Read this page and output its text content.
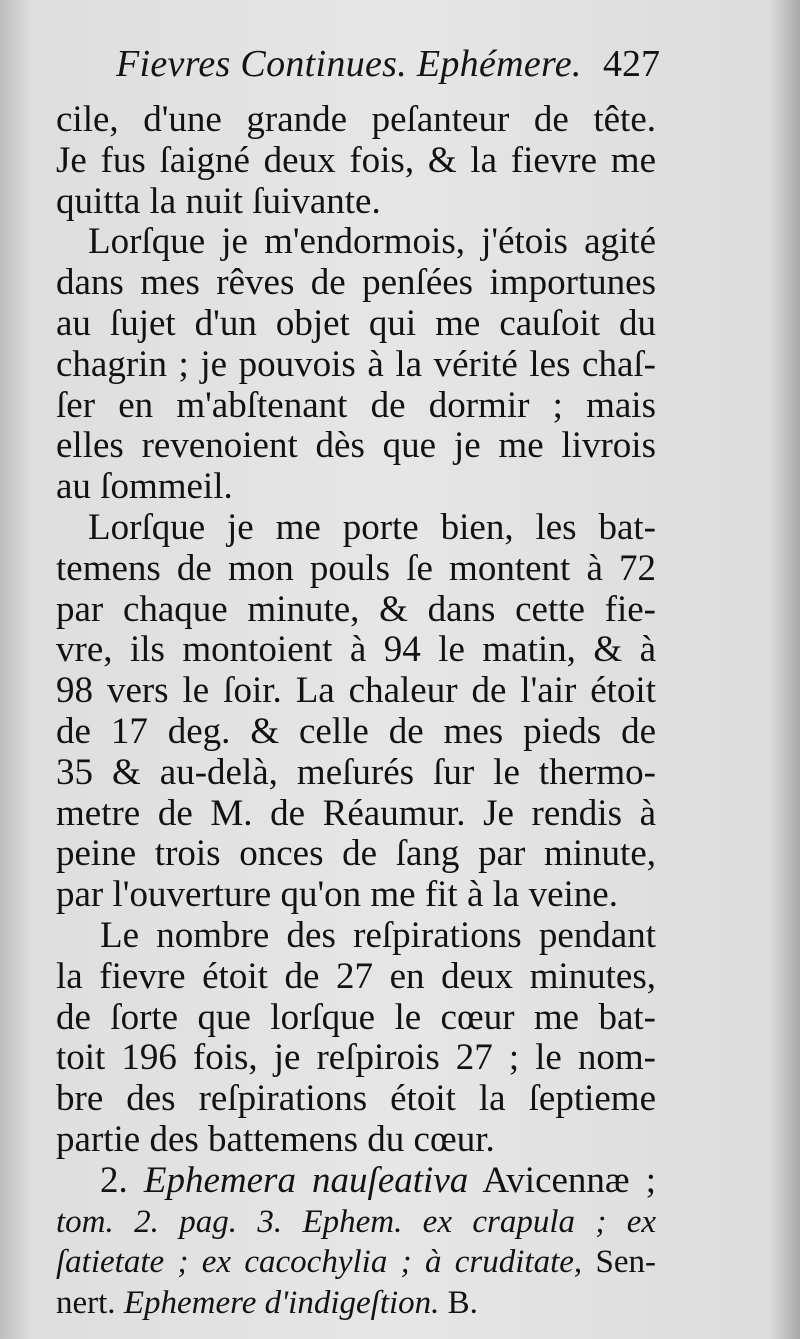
Fievres Continues. Ephémere. 427
cile, d'une grande peſanteur de tête.
Je fus ſaigné deux fois, & la fievre me
quitta la nuit ſuivante.
Lorſque je m'endormois, j'étois agité
dans mes rêves de penſées importunes
au ſujet d'un objet qui me cauſoit du
chagrin ; je pouvois à la vérité les chaſ-
ſer en m'abſtenant de dormir ; mais
elles revenoient dès que je me livrois
au ſommeil.
Lorſque je me porte bien, les bat-
temens de mon pouls ſe montent à 72
par chaque minute, & dans cette fie-
vre, ils montoient à 94 le matin, & à
98 vers le ſoir. La chaleur de l'air étoit
de 17 deg. & celle de mes pieds de
35 & au-delà, meſurés ſur le thermo-
metre de M. de Réaumur. Je rendis à
peine trois onces de ſang par minute,
par l'ouverture qu'on me fit à la veine.
Le nombre des reſpirations pendant
la fievre étoit de 27 en deux minutes,
de ſorte que lorſque le cœur me bat-
toit 196 fois, je reſpirois 27 ; le nom-
bre des reſpirations étoit la ſeptieme
partie des battemens du cœur.
2. Ephemera nauſeativa Avicennæ ;
tom. 2. pag. 3. Ephem. ex crapula ; ex
ſatietate ; ex cacochylia ; à cruditate, Sen-
nert. Ephemere d'indigeſtion. B.
